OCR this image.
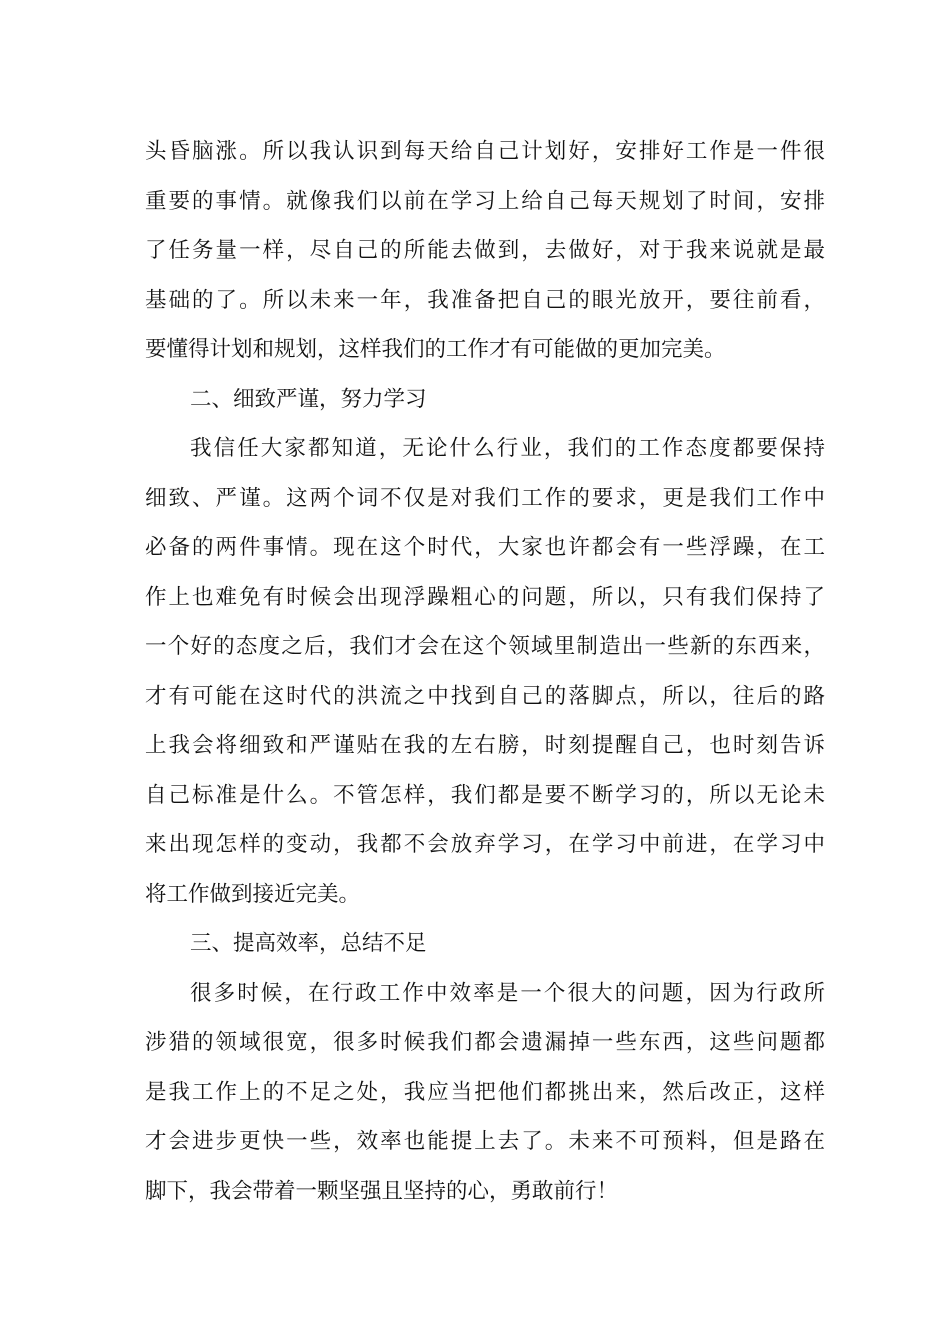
头昏脑涨。所以我认识到每天给自己计划好，安排好工作是一件很
重要的事情。就像我们以前在学习上给自己每天规划了时间，安排
了任务量一样，尽自己的所能去做到，去做好，对于我来说就是最
基础的了。所以未来一年，我准备把自己的眼光放开，要往前看，
要懂得计划和规划，这样我们的工作才有可能做的更加完美。
二、细致严谨，努力学习
我信任大家都知道，无论什么行业，我们的工作态度都要保持
细致、严谨。这两个词不仅是对我们工作的要求，更是我们工作中
必备的两件事情。现在这个时代，大家也许都会有一些浮躁，在工
作上也难免有时候会出现浮躁粗心的问题，所以，只有我们保持了
一个好的态度之后，我们才会在这个领域里制造出一些新的东西来，
才有可能在这时代的洪流之中找到自己的落脚点，所以，往后的路
上我会将细致和严谨贴在我的左右膀，时刻提醒自己，也时刻告诉
自己标准是什么。不管怎样，我们都是要不断学习的，所以无论未
来出现怎样的变动，我都不会放弃学习，在学习中前进，在学习中
将工作做到接近完美。
三、提高效率，总结不足
很多时候，在行政工作中效率是一个很大的问题，因为行政所
涉猎的领域很宽，很多时候我们都会遗漏掉一些东西，这些问题都
是我工作上的不足之处，我应当把他们都挑出来，然后改正，这样
才会进步更快一些，效率也能提上去了。未来不可预料，但是路在
脚下，我会带着一颗坚强且坚持的心，勇敢前行！
